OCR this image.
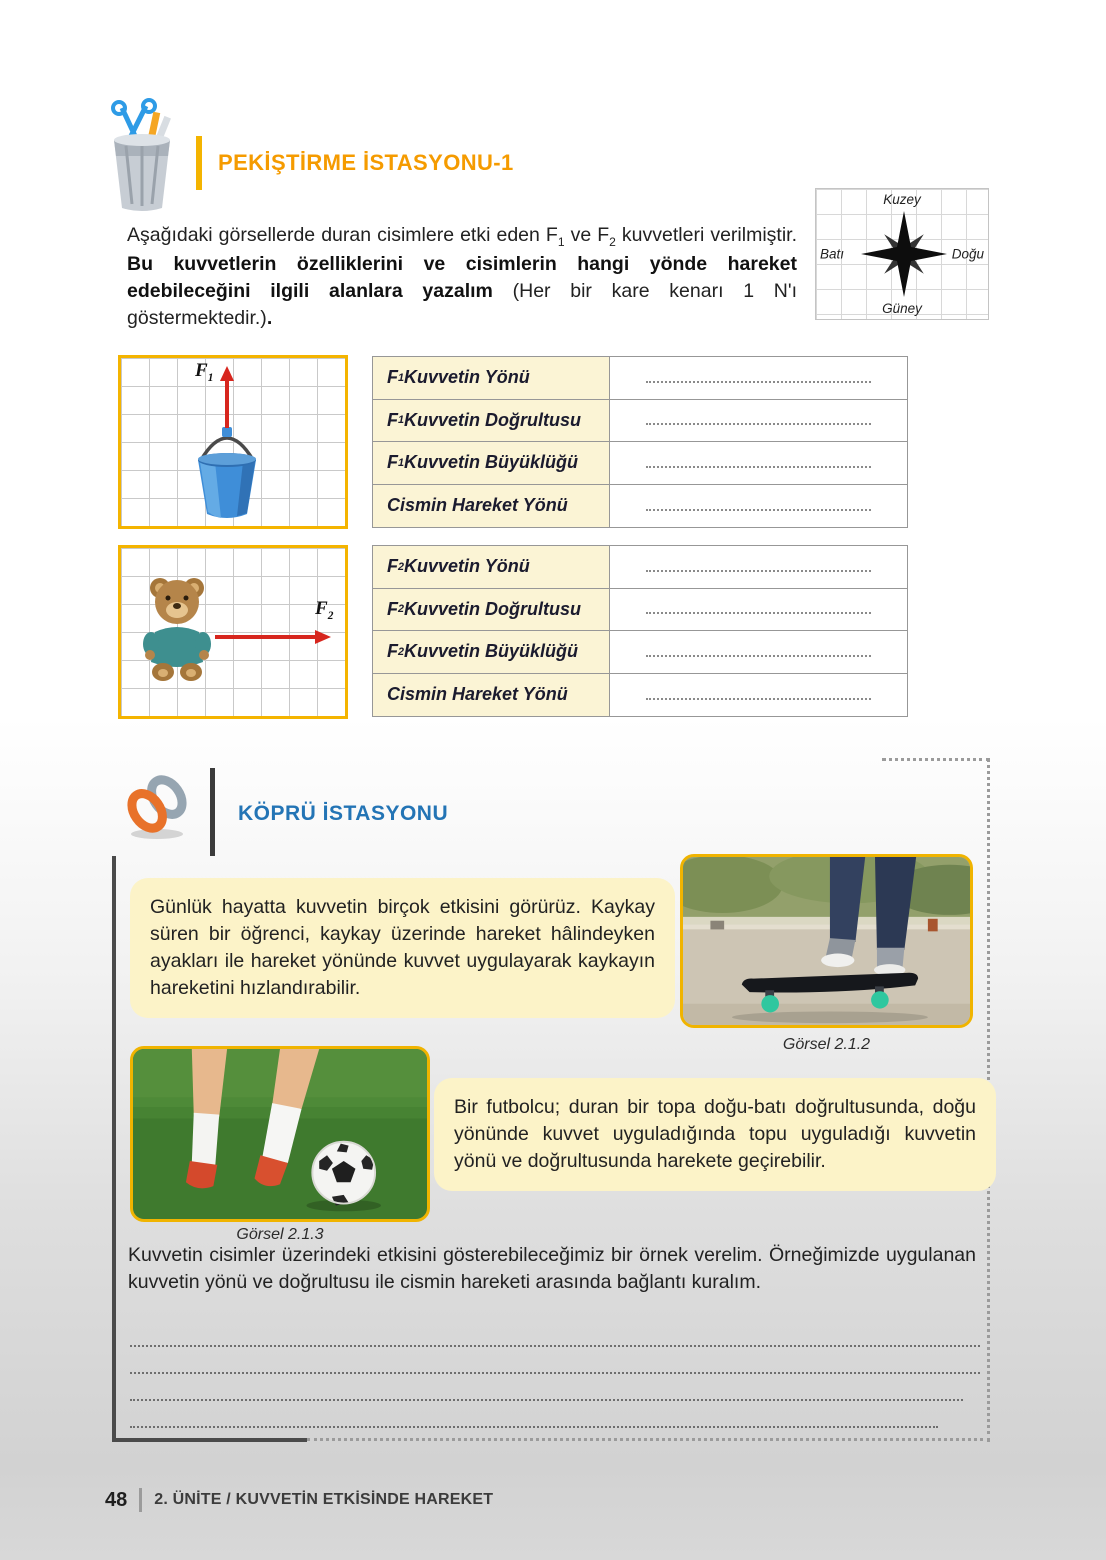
PEKİŞTİRME İSTASYONU-1

Aşağıdaki görsellerde duran cisimlere etki eden $F_1$ ve $F_2$ kuvvetleri verilmiştir. Bu kuvvetlerin özelliklerini ve cisimlerin hangi yönde hareket edebileceğini ilgili alanlara yazalım (Her bir kare kenarı 1 N'ı göstermektedir.).

Kuzey
Güney
Batı	Doğu
$F_1$	F 1 Kuvvetin Yönü
F 1 Kuvvetin Doğrultusu
F 1 Kuvvetin Büyüklüğü
Cismin Hareket Yönü
$F_2$
F 2 Kuvvetin Yönü
F 2 Kuvvetin Doğrultusu
F 2 Kuvvetin Büyüklüğü
Cismin Hareket Yönü
KÖPRÜ İSTASYONU
Günlük hayatta kuvvetin birçok etkisini görürüz. Kaykay süren bir öğrenci, kaykay üzerinde hareket hâlindeyken ayakları ile hareket yönünde kuvvet uygulayarak kaykayın hareketini hızlandırabilir.
Görsel 2.1.2
Görsel 2.1.3
Bir futbolcu; duran bir topa doğu-batı doğrultusunda, doğu yönünde kuvvet uyguladığında topu uyguladığı kuvvetin yönü ve doğrultusunda harekete geçirebilir.

Kuvvetin cisimler üzerindeki etkisini gösterebileceğimiz bir örnek verelim. Örneğimizde uygulanan kuvvetin yönü ve doğrultusu ile cismin hareketi arasında bağlantı kuralım.

48 2. ÜNİTE / KUVVETİN ETKİSİNDE HAREKET
